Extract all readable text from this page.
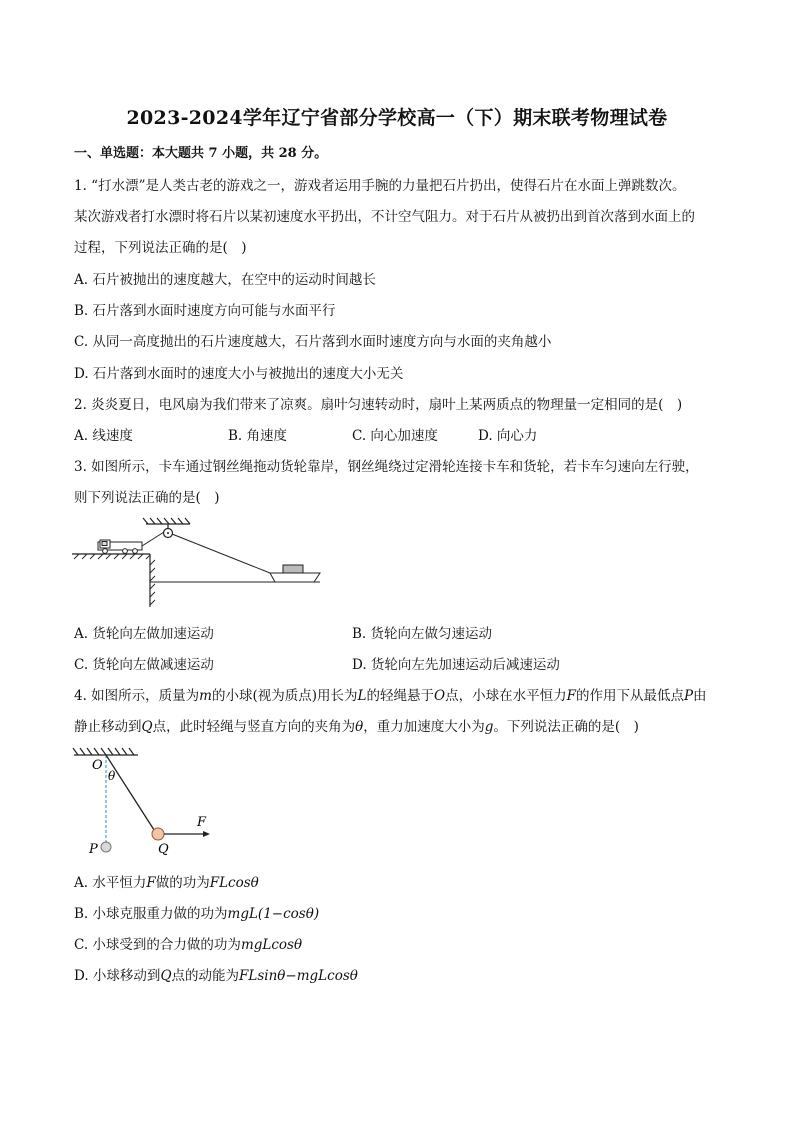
2023-2024学年辽宁省部分学校高一（下）期末联考物理试卷
一、单选题：本大题共 7 小题，共 28 分。
1. “打水漂”是人类古老的游戏之一，游戏者运用手腕的力量把石片扔出，使得石片在水面上弹跳数次。
某次游戏者打水漂时将石片以某初速度水平扔出，不计空气阻力。对于石片从被扔出到首次落到水面上的
过程，下列说法正确的是(　)
A. 石片被抛出的速度越大，在空中的运动时间越长
B. 石片落到水面时速度方向可能与水面平行
C. 从同一高度抛出的石片速度越大，石片落到水面时速度方向与水面的夹角越小
D. 石片落到水面时的速度大小与被抛出的速度大小无关
2. 炎炎夏日，电风扇为我们带来了凉爽。扇叶匀速转动时，扇叶上某两质点的物理量一定相同的是(　)
A. 线速度	B. 角速度	C. 向心加速度	D. 向心力
3. 如图所示，卡车通过钢丝绳拖动货轮靠岸，钢丝绳绕过定滑轮连接卡车和货轮，若卡车匀速向左行驶，
则下列说法正确的是(　)
A. 货轮向左做加速运动	B. 货轮向左做匀速运动
C. 货轮向左做减速运动	D. 货轮向左先加速运动后减速运动
4. 如图所示，质量为m的小球(视为质点)用长为L的轻绳悬于O点，小球在水平恒力F的作用下从最低点P由
静止移动到Q点，此时轻绳与竖直方向的夹角为θ，重力加速度大小为g。下列说法正确的是(　)
O
θ
P	Q
F
A. 水平恒力F做的功为FLcosθ
B. 小球克服重力做的功为mgL(1−cosθ)
C. 小球受到的合力做的功为mgLcosθ
D. 小球移动到Q点的动能为FLsinθ−mgLcosθ
